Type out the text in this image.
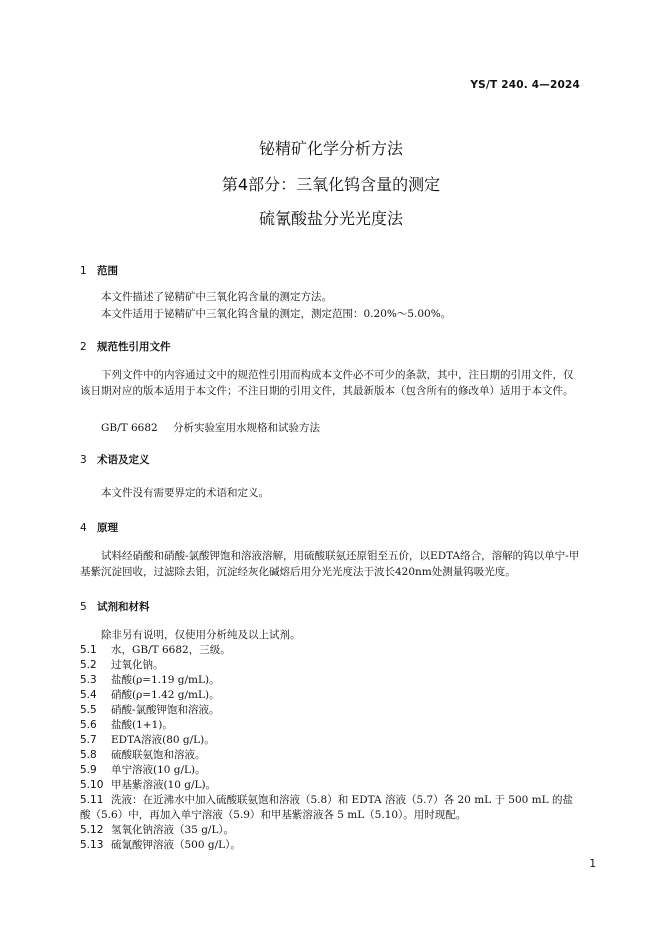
YS/T 240. 4—2024
铋精矿化学分析方法
第4部分：三氧化钨含量的测定
硫氰酸盐分光光度法
1 范围
本文件描述了铋精矿中三氧化钨含量的测定方法。
本文件适用于铋精矿中三氧化钨含量的测定，测定范围：0.20%～5.00%。
2 规范性引用文件
下列文件中的内容通过文中的规范性引用而构成本文件必不可少的条款，其中，注日期的引用文件，仅该日期对应的版本适用于本文件；不注日期的引用文件，其最新版本（包含所有的修改单）适用于本文件。
GB/T 6682 分析实验室用水规格和试验方法
3 术语及定义
本文件没有需要界定的术语和定义。
4 原理
试料经硝酸和硝酸-氯酸钾饱和溶液溶解，用硫酸联氨还原钼至五价，以EDTA络合，溶解的钨以单宁-甲基紫沉淀回收，过滤除去钼，沉淀经灰化碱熔后用分光光度法于波长420nm处测量钨吸光度。
5 试剂和材料
除非另有说明，仅使用分析纯及以上试剂。
5.1 水，GB/T 6682，三级。
5.2 过氧化钠。
5.3 盐酸(ρ=1.19 g/mL)。
5.4 硝酸(ρ=1.42 g/mL)。
5.5 硝酸-氯酸钾饱和溶液。
5.6 盐酸(1+1)。
5.7 EDTA溶液(80 g/L)。
5.8 硫酸联氨饱和溶液。
5.9 单宁溶液(10 g/L)。
5.10 甲基紫溶液(10 g/L)。
5.11 洗液：在近沸水中加入硫酸联氨饱和溶液（5.8）和 EDTA 溶液（5.7）各 20 mL 于 500 mL 的盐酸（5.6）中，再加入单宁溶液（5.9）和甲基紫溶液各 5 mL（5.10）。用时现配。
5.12 氢氧化钠溶液（35 g/L）。
5.13 硫氰酸钾溶液（500 g/L）。
1
